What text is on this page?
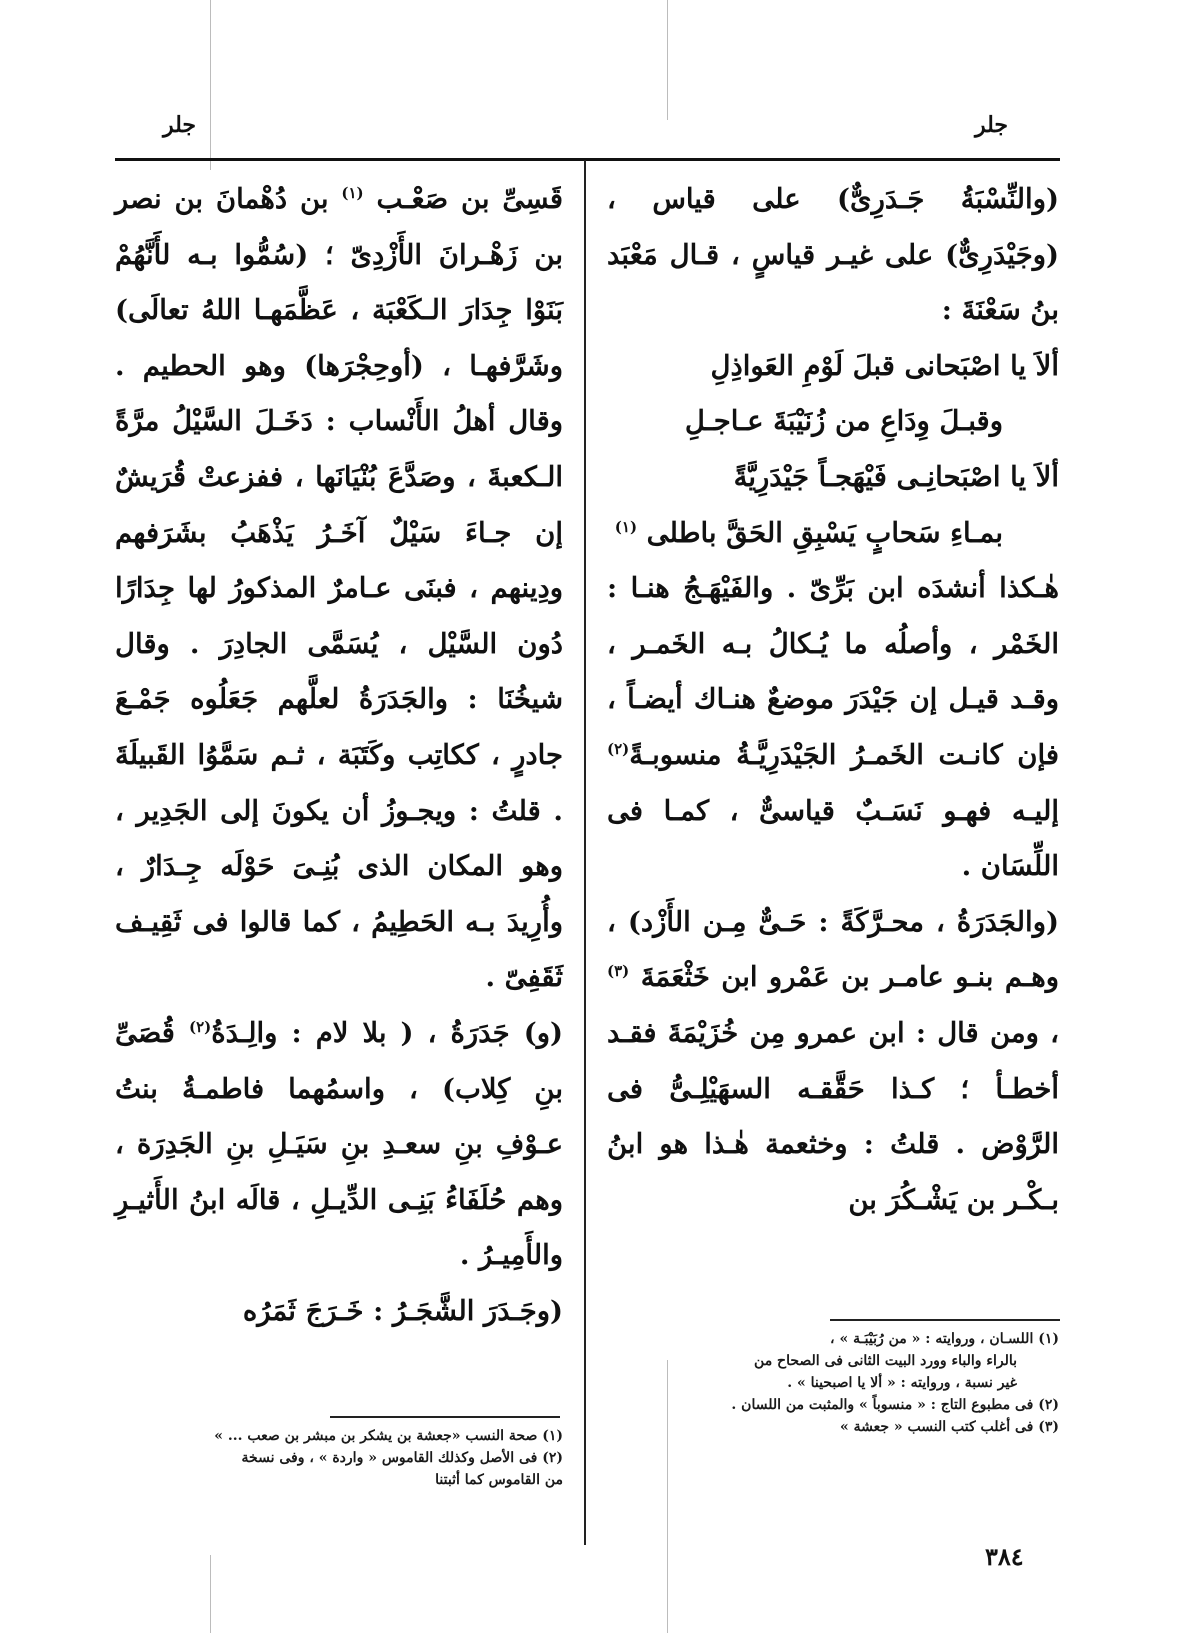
جلر
جلر

(والنِّسْبَةُ جَـدَرِىٌّ) على قياس ، (وجَيْدَرِىٌّ) على غيـر قياسٍ ، قـال مَعْبَد بنُ سَعْنَةَ :

ألاَ يا اصْبَحانى قبلَ لَوْمِ العَواذِلِ

وقبـلَ وِدَاعِ من زُنَيْبَةَ عـاجـلِ

ألاَ يا اصْبَحانِـى فَيْهَجـاً جَيْدَرِيَّةً

بمـاءِ سَحابٍ يَسْبِقِ الحَقَّ باطلى $^{(١)}$

هٰـكذا أنشدَه ابن بَرِّىّ . والفَيْهَـجُ هنـا : الخَمْر ، وأصلُه ما يُـكالُ بـه الخَمـر ، وقـد قيـل إن جَيْدَرَ موضعٌ هنـاك أيضـاً ، فإن كانـت الخَمـرُ الجَيْدَرِيَّـةُ منسوبـةً$^{(٢)}$ إليـه فهـو نَسَـبٌ قياسىٌّ ، كمـا فى اللِّسَان .

(والجَدَرَةُ ، محـرَّكَةً : حَـىٌّ مِـن الأَزْد) ، وهـم بنـو عامـر بن عَمْرو ابن خَثْعَمَةَ $^{(٣)}$ ، ومن قال : ابن عمرو مِن خُزَيْمَةَ فقـد أخطـأ ؛ كـذا حَقَّقـه السهَيْلِـىُّ فى الرَّوْض . قلتُ : وخثعمة هٰـذا هو ابنُ بـكْـر بن يَشْـكُرَ بن

قَسِىِّ بن صَعْـب $^{(١)}$ بن دُهْمانَ بن نصر بن زَهْـرانَ الأَزْدِىّ ؛ (سُمُّوا بـه لأَنَّهُمْ بَنَوْا جِدَارَ الـكَعْبَة ، عَظَّمَهـا اللهُ تعالَى) وشَرَّفهـا ، (أوحِجْرَها) وهو الحطيم . وقال أهلُ الأَنْساب : دَخَـلَ السَّيْلُ مرَّةً الـكعبةَ ، وصَدَّعَ بُنْيَانَها ، ففزعتْ قُرَيشٌ إن جـاءَ سَيْلٌ آخَـرُ يَذْهَبُ بشَرَفهم ودِينهم ، فبنَى عـامرٌ المذكورُ لها جِدَارًا دُون السَّيْل ، يُسَمَّى الجادِرَ . وقال شيخُنَا : والجَدَرَةُ لعلَّهم جَعَلُوه جَمْـعَ جادرٍ ، ككاتِب وكَتَبَة ، ثـم سَمَّوُا القَبيلَةَ . قلتُ : ويجـوزُ أن يكونَ إلى الجَدِير ، وهو المكان الذى بُنِـىَ حَوْلَه جِـدَارٌ ، وأُرِيدَ بـه الحَطِيمُ ، كما قالوا فى ثَقِيـف ثَقَفِىّ .

(و) جَدَرَةُ ، ( بلا لام : والِـدَةُ$^{(٢)}$ قُصَىِّ بنِ كِلاب) ، واسمُهما فاطمـةُ بنتُ عـوْفِ بنِ سعـدِ بنِ سَيَـلِ بنِ الجَدِرَة ، وهم حُلَفَاءُ بَنِـى الدِّيـلِ ، قالَه ابنُ الأَثيـرِ والأَمِيـرُ .

(وجَـدَرَ الشَّجَـرُ : خَـرَجَ ثَمَرُه

(١) اللسـان ، وروايته : « من رُبَيْبَـة » ،
بالراء والباء وورد البيت الثانى فى الصحاح من
غير نسبة ، وروايته : « ألا يا اصبحينا » .
(٢) فى مطبوع التاج : « منسوباً » والمثبت من اللسان .
(٣) فى أغلب كتب النسب « جعشة »
(١) صحة النسب «جعشة بن يشكر بن مبشر بن صعب ... »
(٢) فى الأصل وكذلك القاموس « واردة » ، وفى نسخة
من القاموس كما أثبتنا
٣٨٤
